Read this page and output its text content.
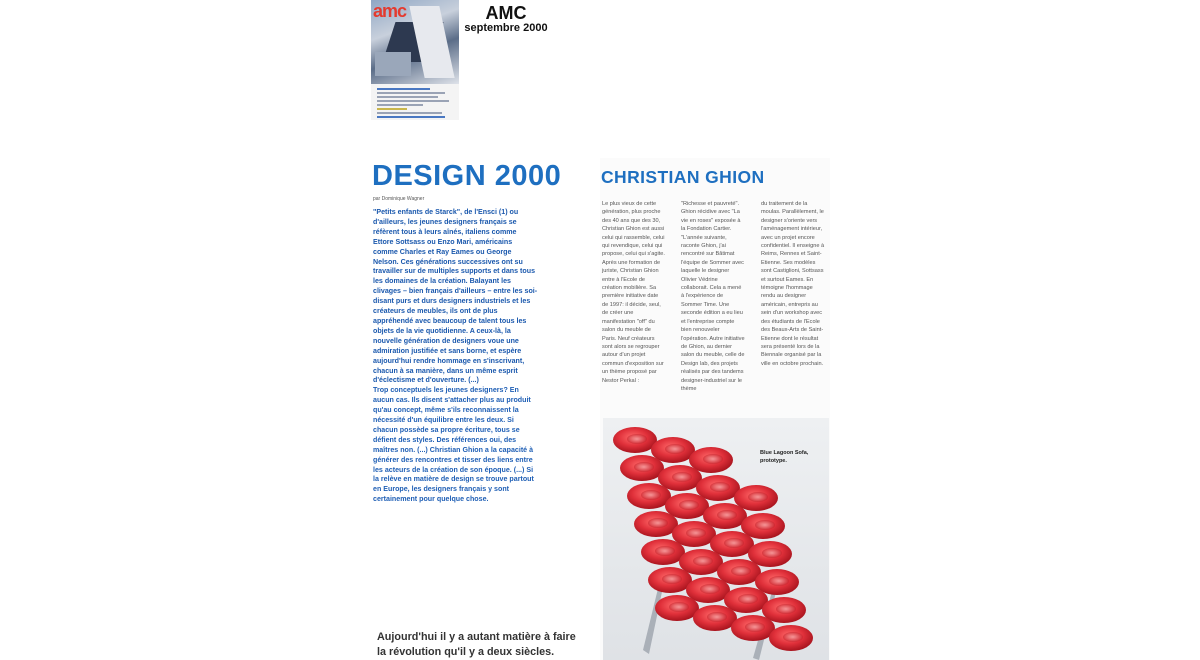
amc	AMC
septembre 2000
DESIGN 2000
par Dominique Wagner

"Petits enfants de Starck", de l'Ensci (1) ou d'ailleurs, les jeunes designers français se réfèrent tous à leurs aînés, italiens comme Ettore Sottsass ou Enzo Mari, américains comme Charles et Ray Eames ou George Nelson. Ces générations successives ont su travailler sur de multiples supports et dans tous les domaines de la création. Balayant les clivages – bien français d'ailleurs – entre les soi-disant purs et durs designers industriels et les créateurs de meubles, ils ont de plus appréhendé avec beaucoup de talent tous les objets de la vie quotidienne. A ceux-là, la nouvelle génération de designers voue une admiration justifiée et sans borne, et espère aujourd'hui rendre hommage en s'inscrivant, chacun à sa manière, dans un même esprit d'éclectisme et d'ouverture. (...)

Trop conceptuels les jeunes designers? En aucun cas. Ils disent s'attacher plus au produit qu'au concept, même s'ils reconnaissent la nécessité d'un équilibre entre les deux. Si chacun possède sa propre écriture, tous se défient des styles. Des références oui, des maîtres non. (...) Christian Ghion a la capacité à générer des rencontres et tisser des liens entre les acteurs de la création de son époque. (...) Si la relève en matière de design se trouve partout en Europe, les designers français y sont certainement pour quelque chose.

Aujourd'hui il y a autant matière à faire la révolution qu'il y a deux siècles.
CHRISTIAN GHION

Le plus vieux de cette génération, plus proche des 40 ans que des 30, Christian Ghion est aussi celui qui rassemble, celui qui revendique, celui qui propose, celui qui s'agite. Après une formation de juriste, Christian Ghion entre à l'Ecole de création mobilière. Sa première initiative date de 1997: il décide, seul, de créer une manifestation "off" du salon du meuble de Paris. Neuf créateurs sont alors se regrouper autour d'un projet commun d'exposition sur un thème proposé par Nestor Perkal :

"Richesse et pauvreté". Ghion récidive avec "La vie en roses" exposée à la Fondation Cartier. "L'année suivante, raconte Ghion, j'ai rencontré sur Bâtimat l'équipe de Sommer avec laquelle le designer Olivier Védrine collaborait. Cela a mené à l'expérience de Sommer Time. Une seconde édition a eu lieu et l'entreprise compte bien renouveler l'opération. Autre initiative de Ghion, au dernier salon du meuble, celle de Design lab, des projets réalisés par des tandems designer-industriel sur le thème

du traitement de la moulas. Parallèlement, le designer s'oriente vers l'aménagement intérieur, avec un projet encore confidentiel. Il enseigne à Reims, Rennes et Saint-Etienne. Ses modèles sont Castiglioni, Sottsass et surtout Eames. En témoigne l'hommage rendu au designer américain, entrepris au sein d'un workshop avec des étudiants de l'Ecole des Beaux-Arts de Saint-Etienne dont le résultat sera présenté lors de la Biennale organisé par la ville en octobre prochain.

Blue Lagoon Sofa, prototype.
